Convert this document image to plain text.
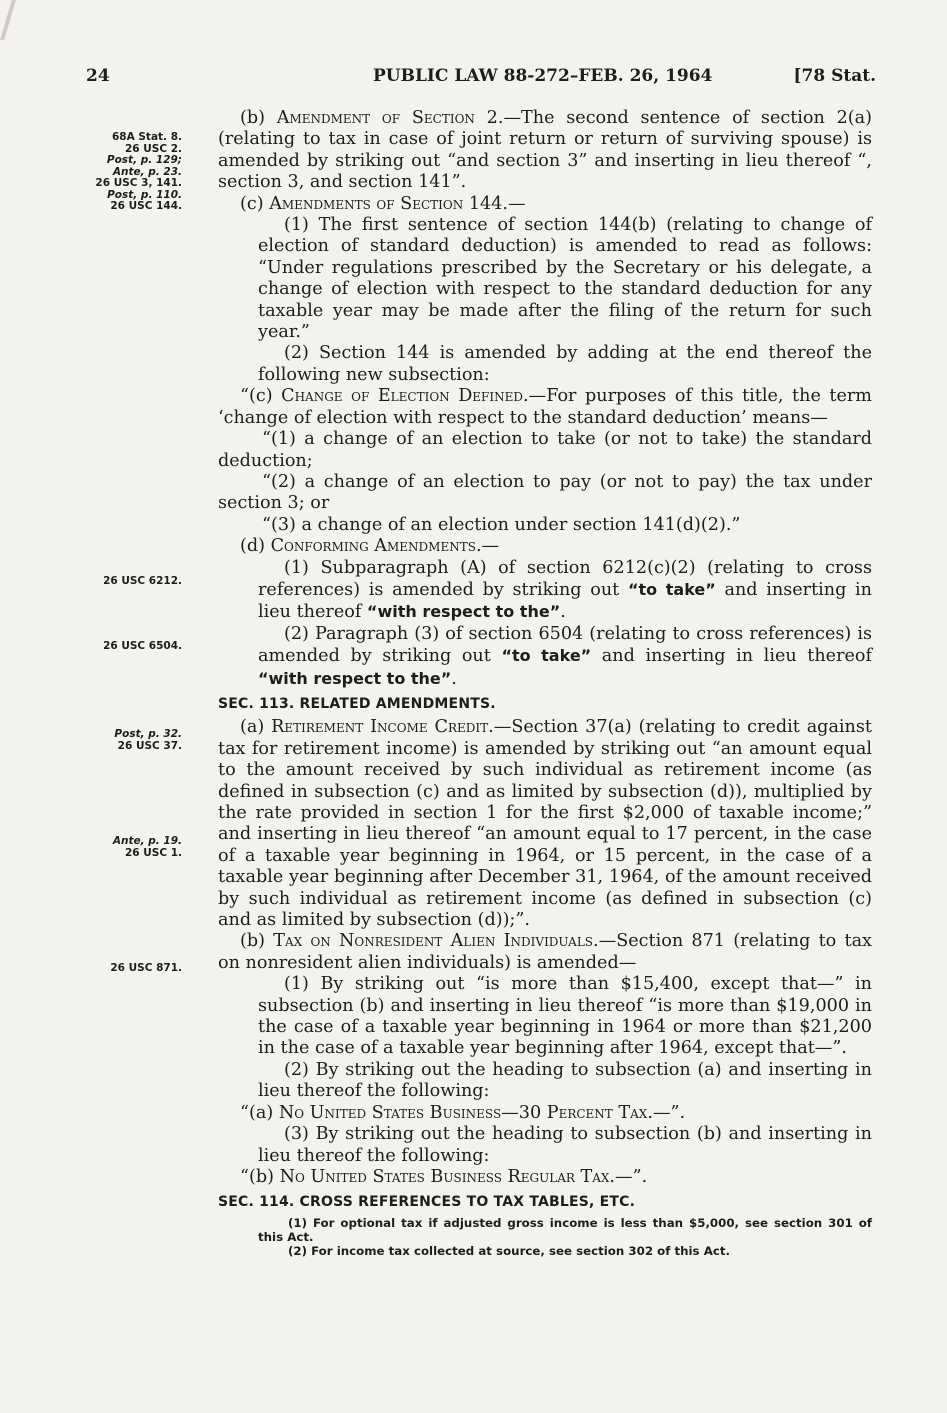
24	PUBLIC LAW 88-272–FEB. 26, 1964	[78 Stat.
68A Stat. 8.
26 USC 2.
Post, p. 129;
Ante, p. 23.
26 USC 3, 141.
Post, p. 110.
26 USC 144.
26 USC 6212.
26 USC 6504.
Post, p. 32.
26 USC 37.
Ante, p. 19.
26 USC 1.
26 USC 871.

(b) Amendment of Section 2.—The second sentence of section 2(a) (relating to tax in case of joint return or return of surviving spouse) is amended by striking out “and section 3” and inserting in lieu thereof “, section 3, and section 141”.

(c) Amendments of Section 144.—

(1) The first sentence of section 144(b) (relating to change of election of standard deduction) is amended to read as follows: “Under regulations prescribed by the Secretary or his delegate, a change of election with respect to the standard deduction for any taxable year may be made after the filing of the return for such year.”

(2) Section 144 is amended by adding at the end thereof the following new subsection:

“(c) Change of Election Defined.—For purposes of this title, the term ‘change of election with respect to the standard deduction’ means—

“(1) a change of an election to take (or not to take) the standard deduction;

“(2) a change of an election to pay (or not to pay) the tax under section 3; or

“(3) a change of an election under section 141(d)(2).”

(d) Conforming Amendments.—

(1) Subparagraph (A) of section 6212(c)(2) (relating to cross references) is amended by striking out “to take” and inserting in lieu thereof “with respect to the”.

(2) Paragraph (3) of section 6504 (relating to cross references) is amended by striking out “to take” and inserting in lieu thereof “with respect to the”.

SEC. 113. RELATED AMENDMENTS.

(a) Retirement Income Credit.—Section 37(a) (relating to credit against tax for retirement income) is amended by striking out “an amount equal to the amount received by such individual as retirement income (as defined in subsection (c) and as limited by subsection (d)), multiplied by the rate provided in section 1 for the first $2,000 of taxable income;” and inserting in lieu thereof “an amount equal to 17 percent, in the case of a taxable year beginning in 1964, or 15 percent, in the case of a taxable year beginning after December 31, 1964, of the amount received by such individual as retirement income (as defined in subsection (c) and as limited by subsection (d));”.

(b) Tax on Nonresident Alien Individuals.—Section 871 (relating to tax on nonresident alien individuals) is amended—

(1) By striking out “is more than $15,400, except that—” in subsection (b) and inserting in lieu thereof “is more than $19,000 in the case of a taxable year beginning in 1964 or more than $21,200 in the case of a taxable year beginning after 1964, except that—”.

(2) By striking out the heading to subsection (a) and inserting in lieu thereof the following:

“(a) No United States Business—30 Percent Tax.—”.

(3) By striking out the heading to subsection (b) and inserting in lieu thereof the following:

“(b) No United States Business Regular Tax.—”.

SEC. 114. CROSS REFERENCES TO TAX TABLES, ETC.

(1) For optional tax if adjusted gross income is less than $5,000, see section 301 of this Act.

(2) For income tax collected at source, see section 302 of this Act.
